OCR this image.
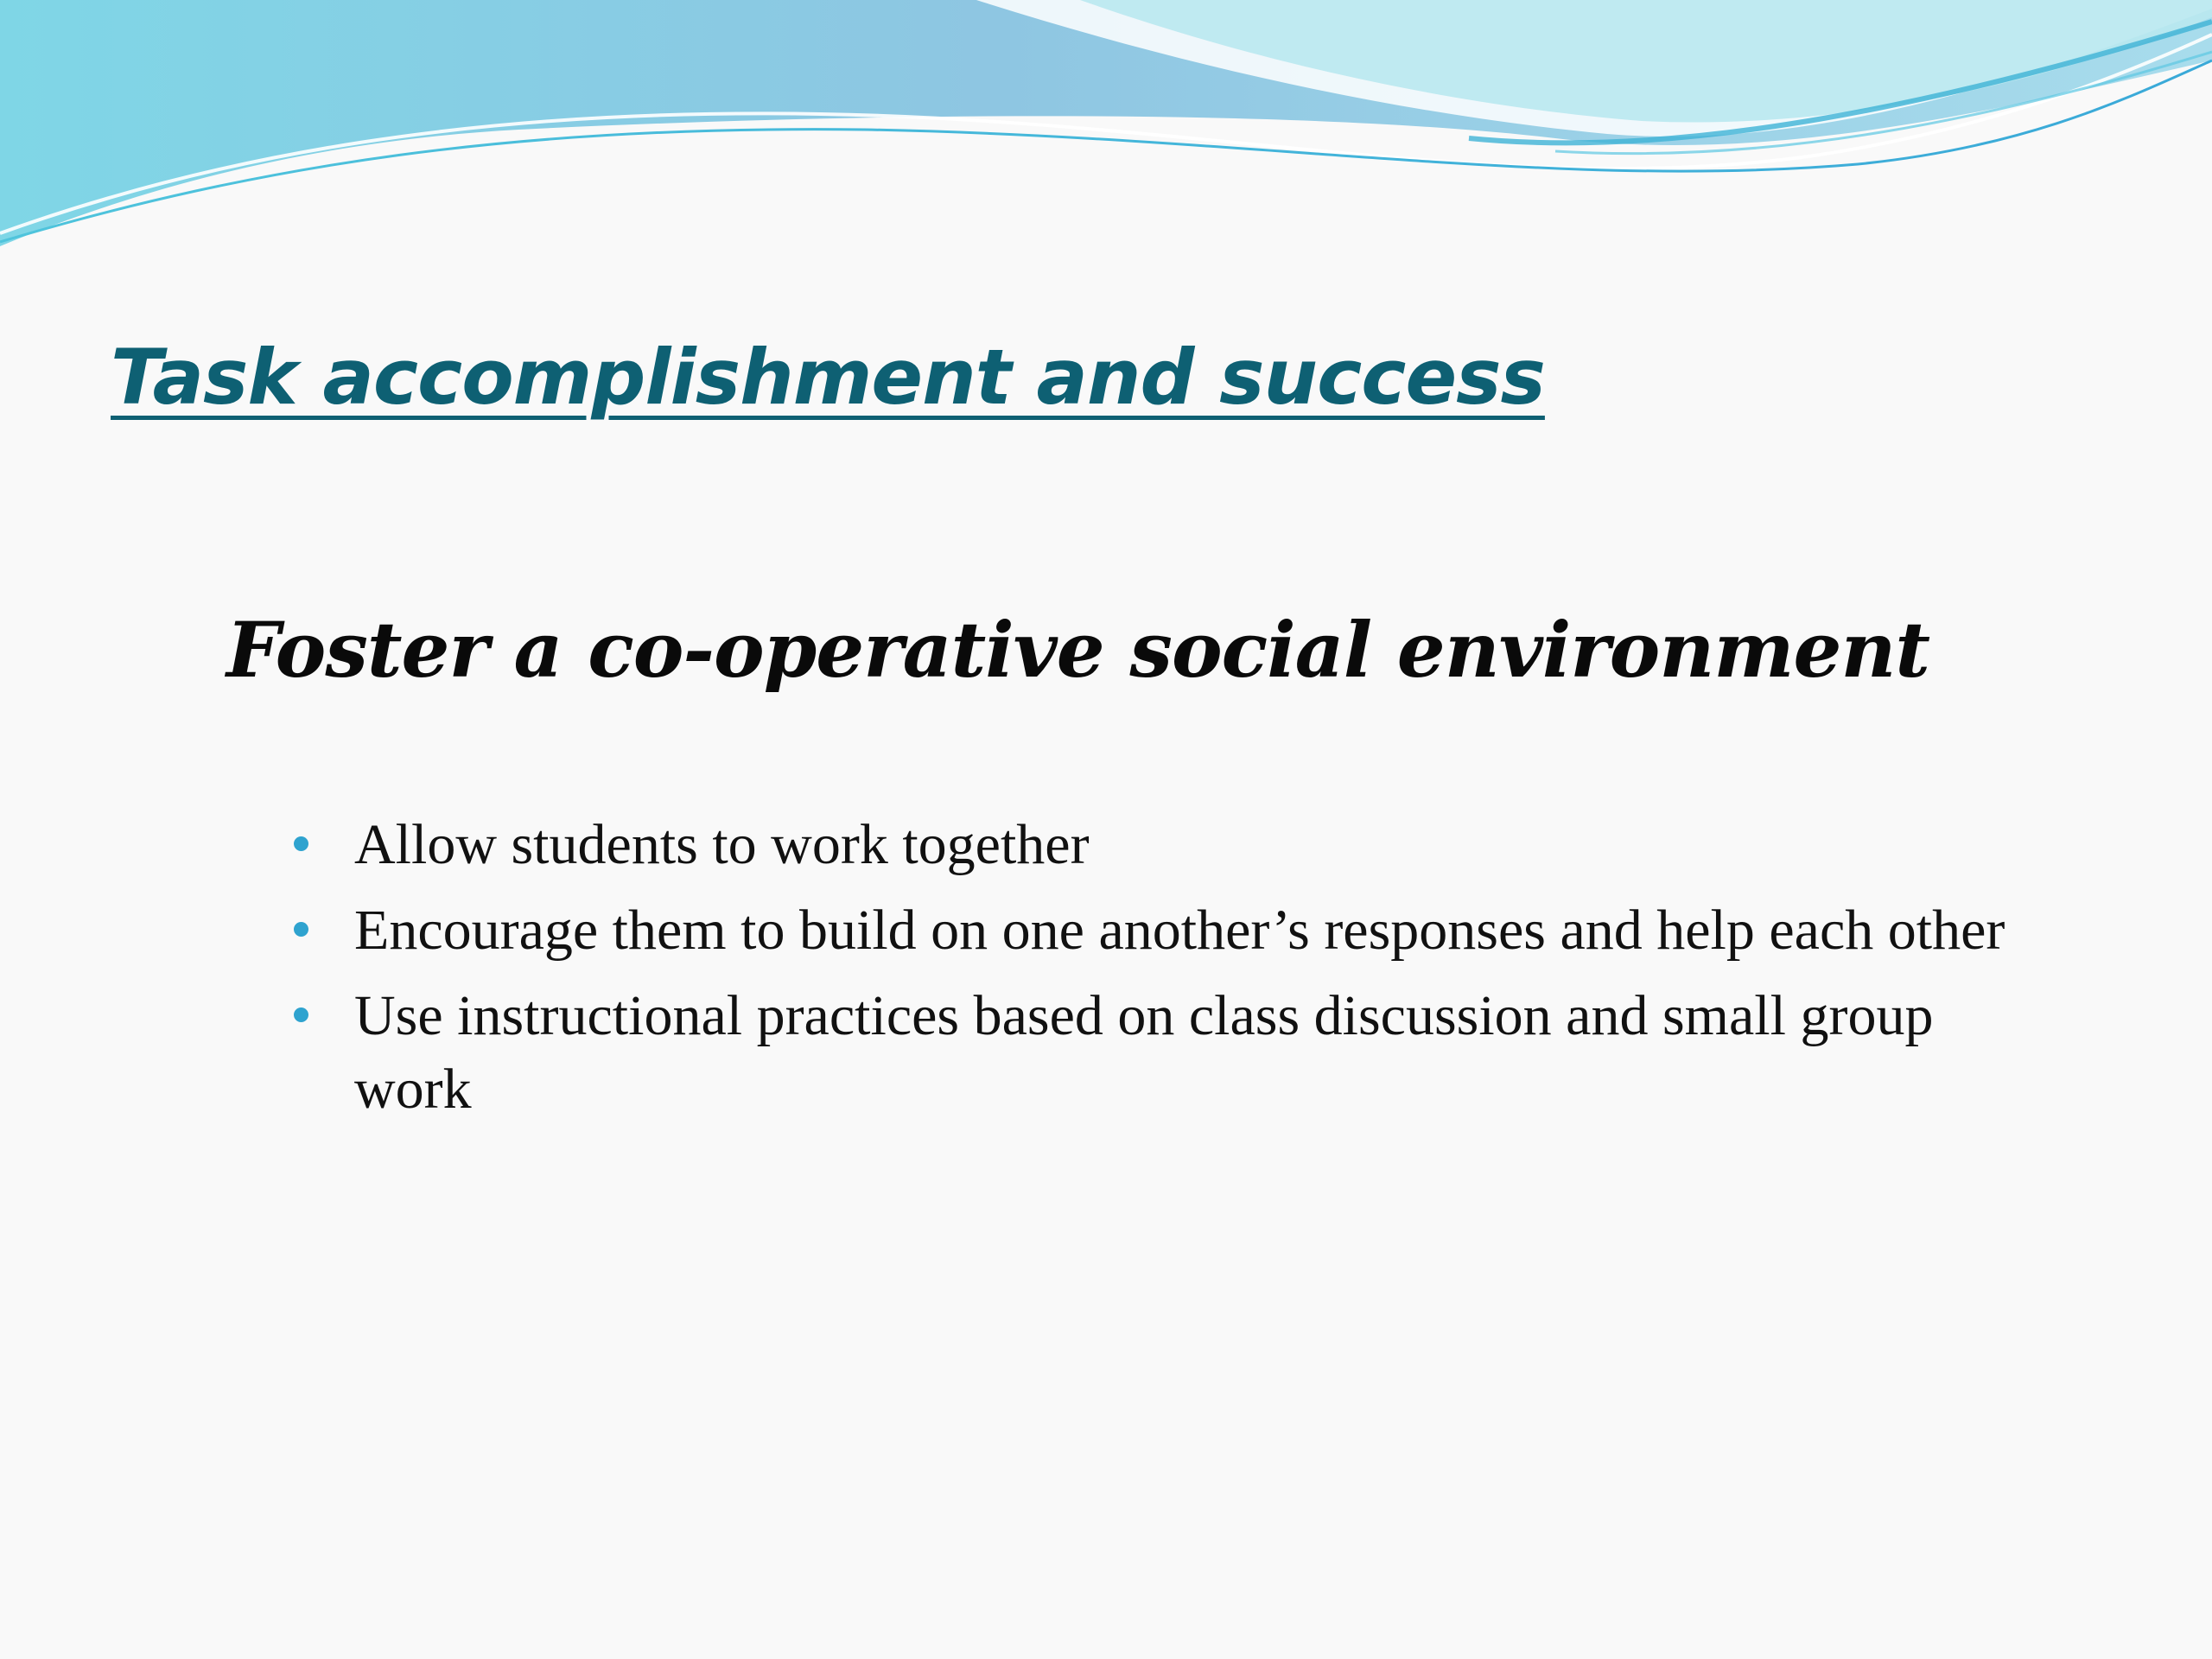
Task accomplishment and success
Foster a co-operative social environment
Allow students to work together
Encourage them to build on one another’s responses and help each other
Use instructional practices based on class discussion and small group work
